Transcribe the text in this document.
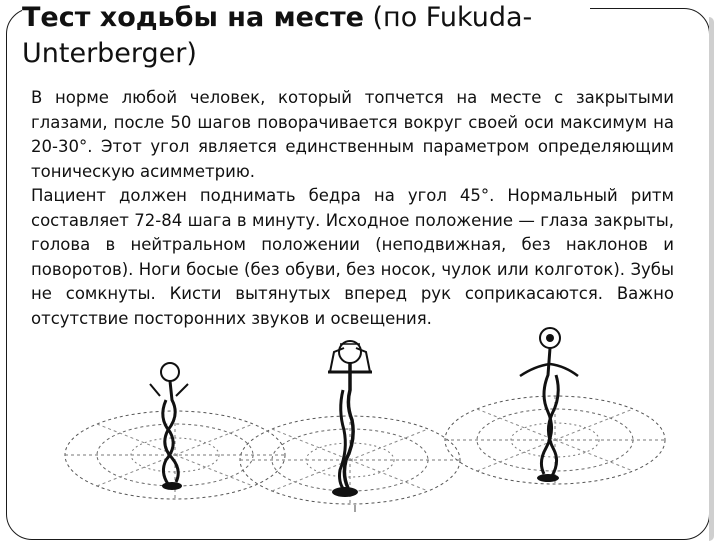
Тест ходьбы на месте (по Fukuda-Unterberger)

В норме любой человек, который топчется на месте с закрытыми глазами, после 50 шагов поворачивается вокруг своей оси максимум на 20-30°. Этот угол является единственным параметром определяющим тоническую асимметрию.

Пациент должен поднимать бедра на угол 45°. Нормальный ритм составляет 72-84 шага в минуту. Исходное положение — глаза закрыты, голова в нейтральном положении (неподвижная, без наклонов и поворотов). Ноги босые (без обуви, без носок, чулок или колготок). Зубы не сомкнуты. Кисти вытянутых вперед рук соприкасаются. Важно отсутствие посторонних звуков и освещения.
